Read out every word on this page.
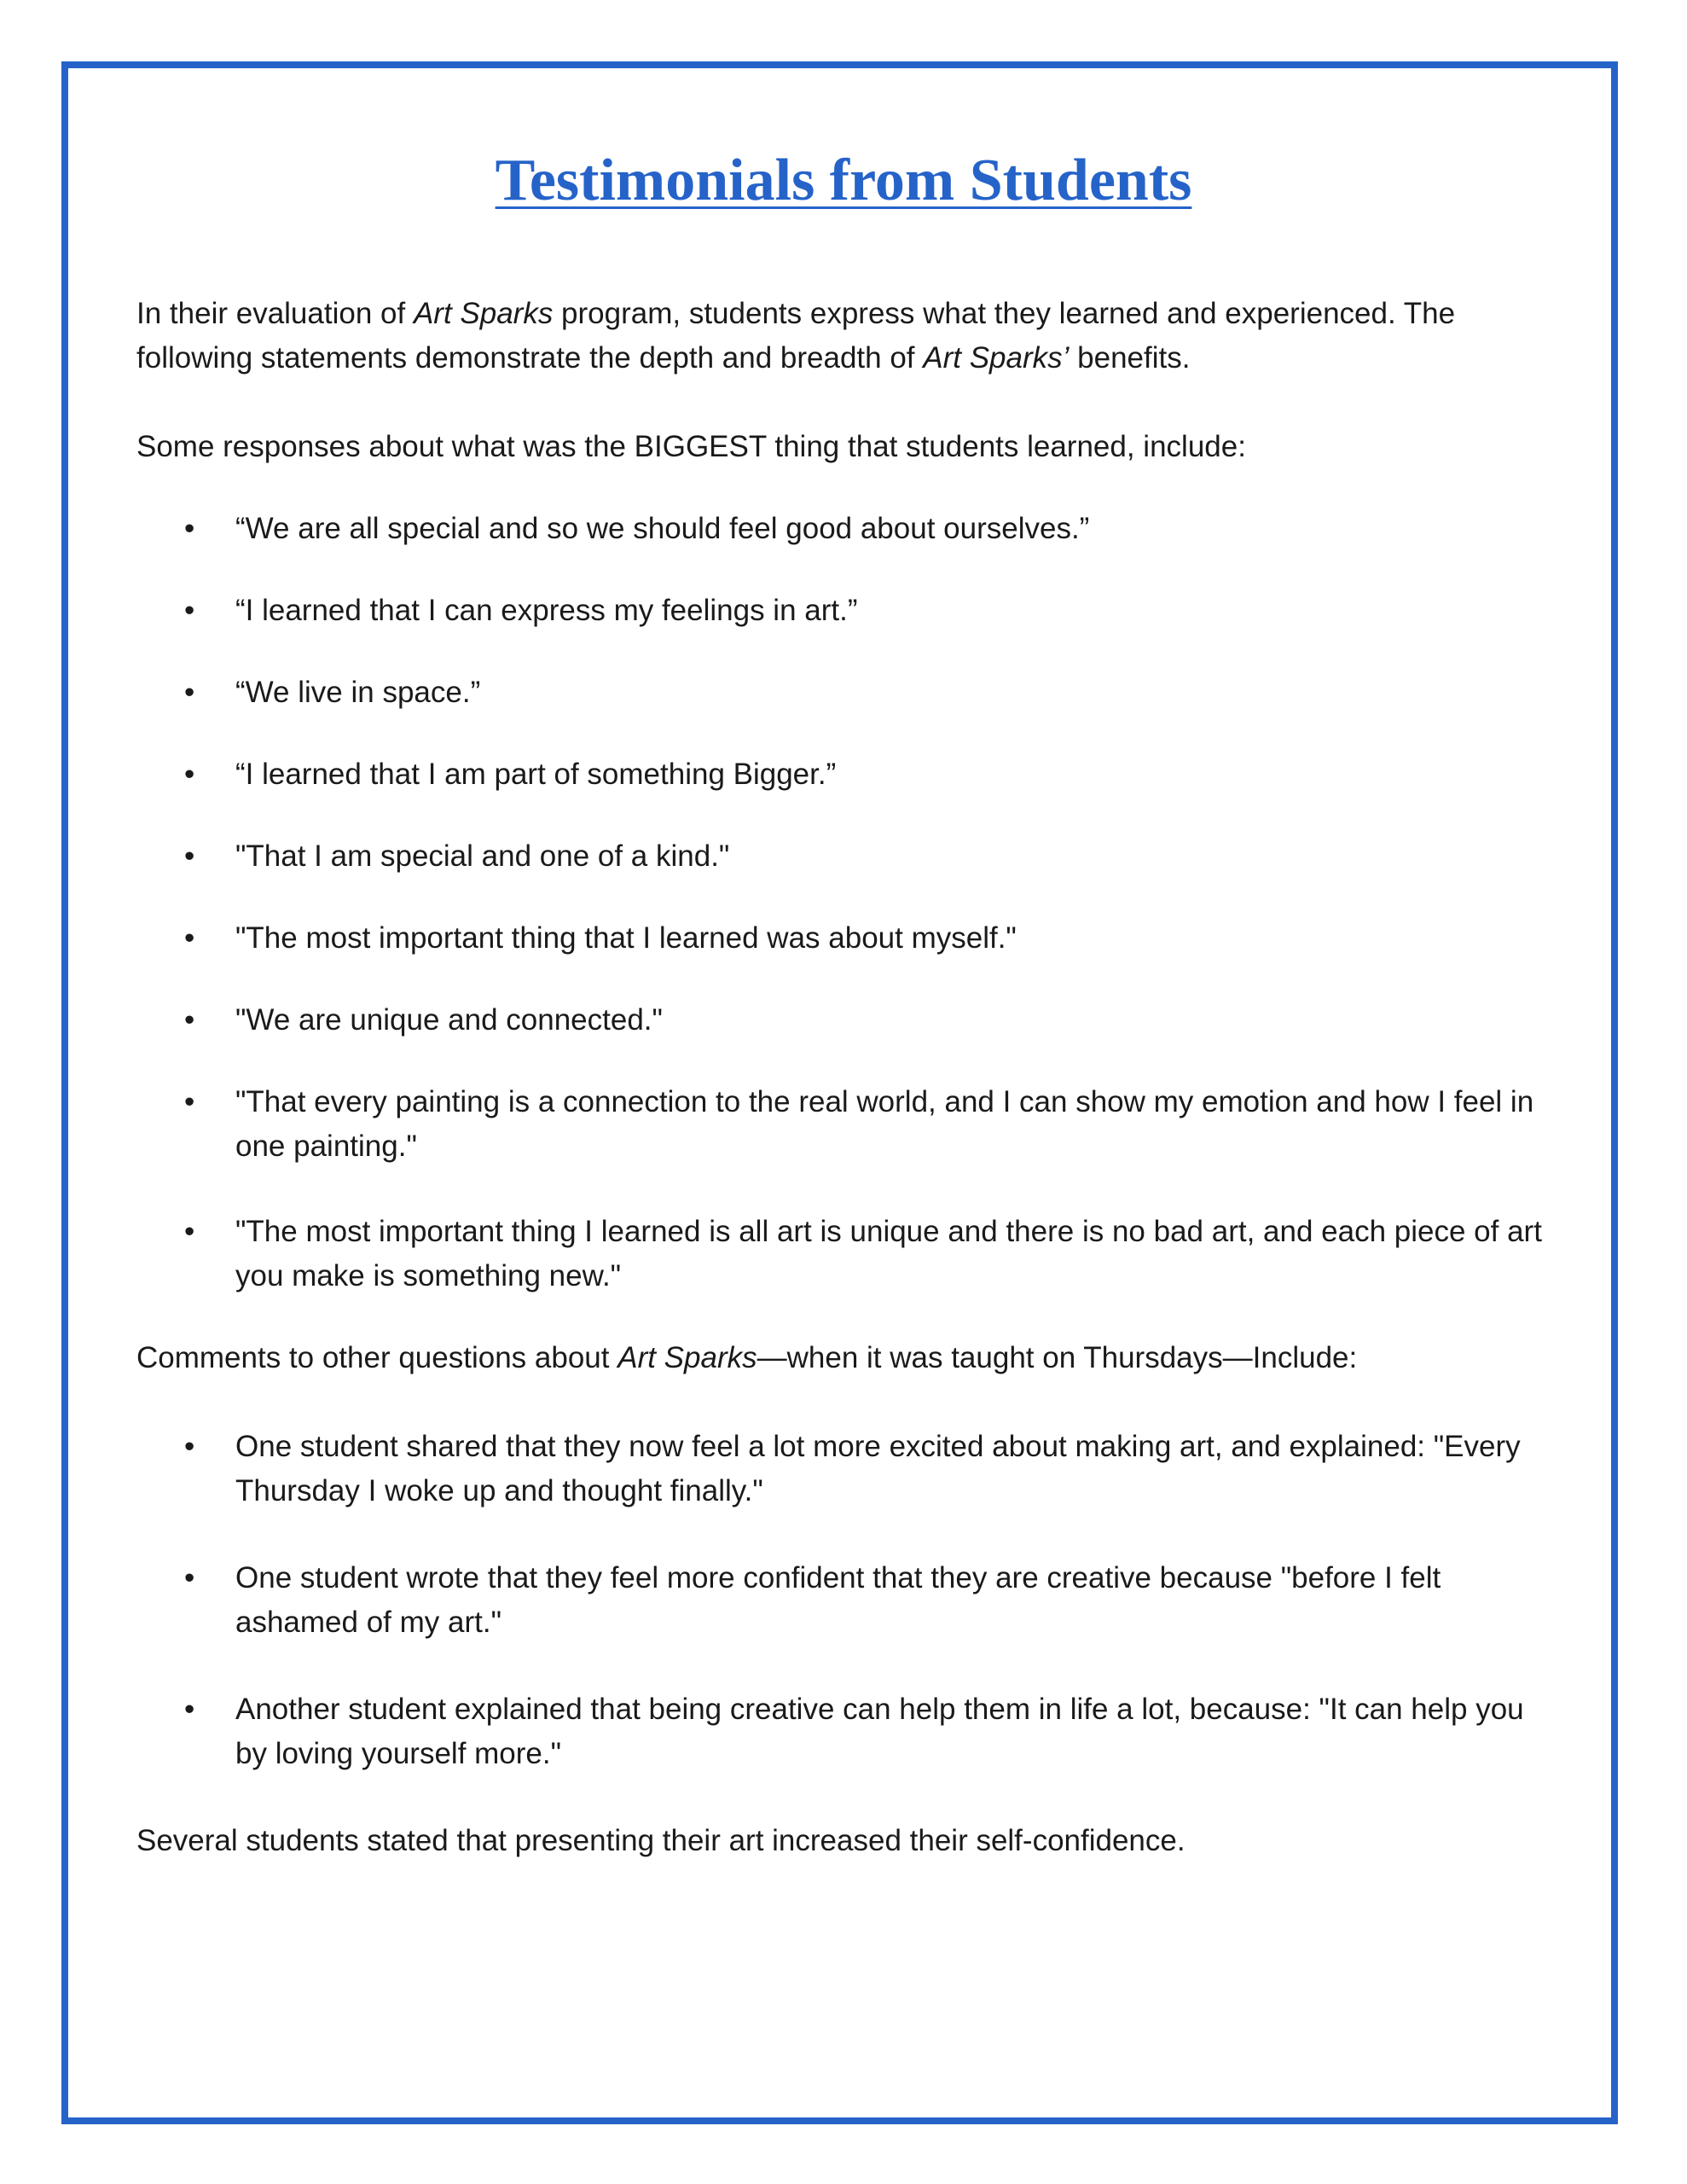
Testimonials from Students

In their evaluation of Art Sparks program, students express what they learned and experienced. The following statements demonstrate the depth and breadth of Art Sparks’ benefits.

Some responses about what was the BIGGEST thing that students learned, include:

• “We are all special and so we should feel good about ourselves.”
• “I learned that I can express my feelings in art.”
• “We live in space.”
• “I learned that I am part of something Bigger.”
• "That I am special and one of a kind."
• "The most important thing that I learned was about myself."
• "We are unique and connected."
• "That every painting is a connection to the real world, and I can show my emotion and how I feel in one painting."
• "The most important thing I learned is all art is unique and there is no bad art, and each piece of art you make is something new."

Comments to other questions about Art Sparks—when it was taught on Thursdays—Include:

• One student shared that they now feel a lot more excited about making art, and explained: "Every Thursday I woke up and thought finally."
• One student wrote that they feel more confident that they are creative because "before I felt ashamed of my art."
• Another student explained that being creative can help them in life a lot, because: "It can help you by loving yourself more."

Several students stated that presenting their art increased their self-confidence.
